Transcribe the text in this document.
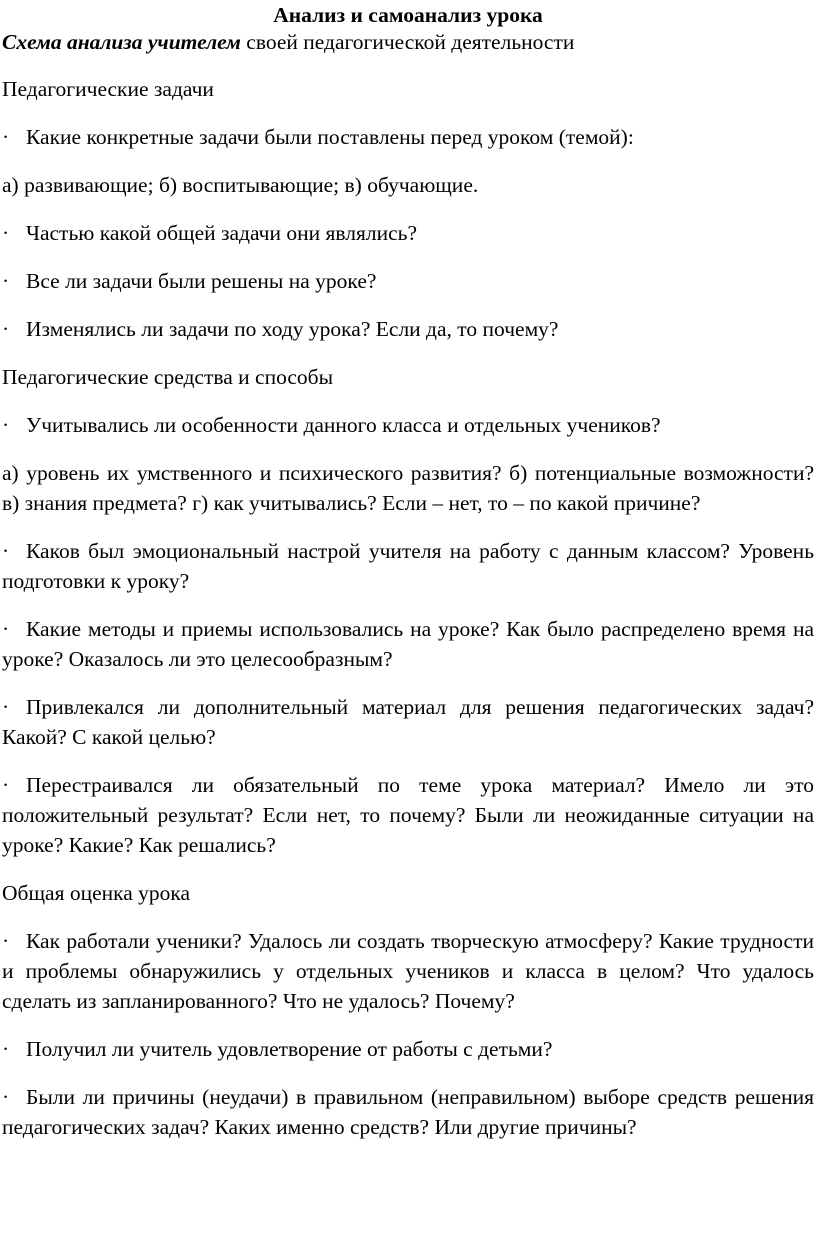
Анализ и самоанализ урока

Схема анализа учителем своей педагогической деятельности

Педагогические задачи

· Какие конкретные задачи были поставлены перед уроком (темой):

а) развивающие; б) воспитывающие; в) обучающие.

· Частью какой общей задачи они являлись?

· Все ли задачи были решены на уроке?

· Изменялись ли задачи по ходу урока? Если да, то почему?

Педагогические средства и способы

· Учитывались ли особенности данного класса и отдельных учеников?

а) уровень их умственного и психического развития? б) потенциальные возможности? в) знания предмета? г) как учитывались? Если – нет, то – по какой причине?

· Каков был эмоциональный настрой учителя на работу с данным классом? Уровень подготовки к уроку?

· Какие методы и приемы использовались на уроке? Как было распределено время на уроке? Оказалось ли это целесообразным?

· Привлекался ли дополнительный материал для решения педагогических задач? Какой? С какой целью?

· Перестраивался ли обязательный по теме урока материал? Имело ли это положительный результат? Если нет, то почему? Были ли неожиданные ситуации на уроке? Какие? Как решались?

Общая оценка урока

· Как работали ученики? Удалось ли создать творческую атмосферу? Какие трудности и проблемы обнаружились у отдельных учеников и класса в целом? Что удалось сделать из запланированного? Что не удалось? Почему?

· Получил ли учитель удовлетворение от работы с детьми?

· Были ли причины (неудачи) в правильном (неправильном) выборе средств решения педагогических задач? Каких именно средств? Или другие причины?
